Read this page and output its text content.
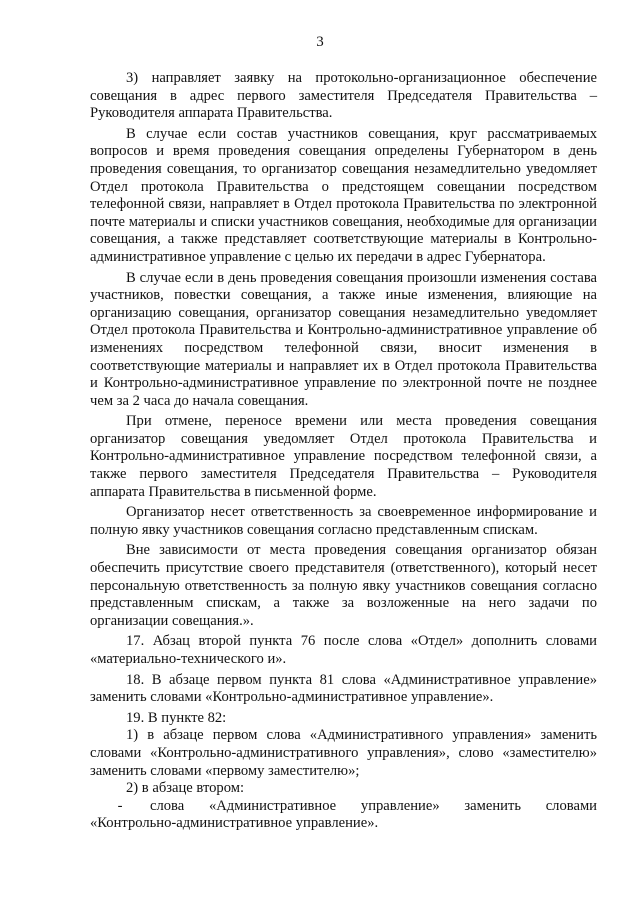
3

3) направляет заявку на протокольно-организационное обеспечение совещания в адрес первого заместителя Председателя Правительства – Руководителя аппарата Правительства.

В случае если состав участников совещания, круг рассматриваемых вопросов и время проведения совещания определены Губернатором в день проведения совещания, то организатор совещания незамедлительно уведомляет Отдел протокола Правительства о предстоящем совещании посредством телефонной связи, направляет в Отдел протокола Правительства по электронной почте материалы и списки участников совещания, необходимые для организации совещания, а также представляет соответствующие материалы в Контрольно-административное управление с целью их передачи в адрес Губернатора.

В случае если в день проведения совещания произошли изменения состава участников, повестки совещания, а также иные изменения, влияющие на организацию совещания, организатор совещания незамедлительно уведомляет Отдел протокола Правительства и Контрольно-административное управление об изменениях посредством телефонной связи, вносит изменения в соответствующие материалы и направляет их в Отдел протокола Правительства и Контрольно-административное управление по электронной почте не позднее чем за 2 часа до начала совещания.

При отмене, переносе времени или места проведения совещания организатор совещания уведомляет Отдел протокола Правительства и Контрольно-административное управление посредством телефонной связи, а также первого заместителя Председателя Правительства – Руководителя аппарата Правительства в письменной форме.

Организатор несет ответственность за своевременное информирование и полную явку участников совещания согласно представленным спискам.

Вне зависимости от места проведения совещания организатор обязан обеспечить присутствие своего представителя (ответственного), который несет персональную ответственность за полную явку участников совещания согласно представленным спискам, а также за возложенные на него задачи по организации совещания.».

17. Абзац второй пункта 76 после слова «Отдел» дополнить словами «материально-технического и».

18. В абзаце первом пункта 81 слова «Административное управление» заменить словами «Контрольно-административное управление».

19. В пункте 82:

1) в абзаце первом слова «Административного управления» заменить словами «Контрольно-административного управления», слово «заместителю» заменить словами «первому заместителю»;

2) в абзаце втором:

- слова «Административное управление» заменить словами «Контрольно-административное управление».
